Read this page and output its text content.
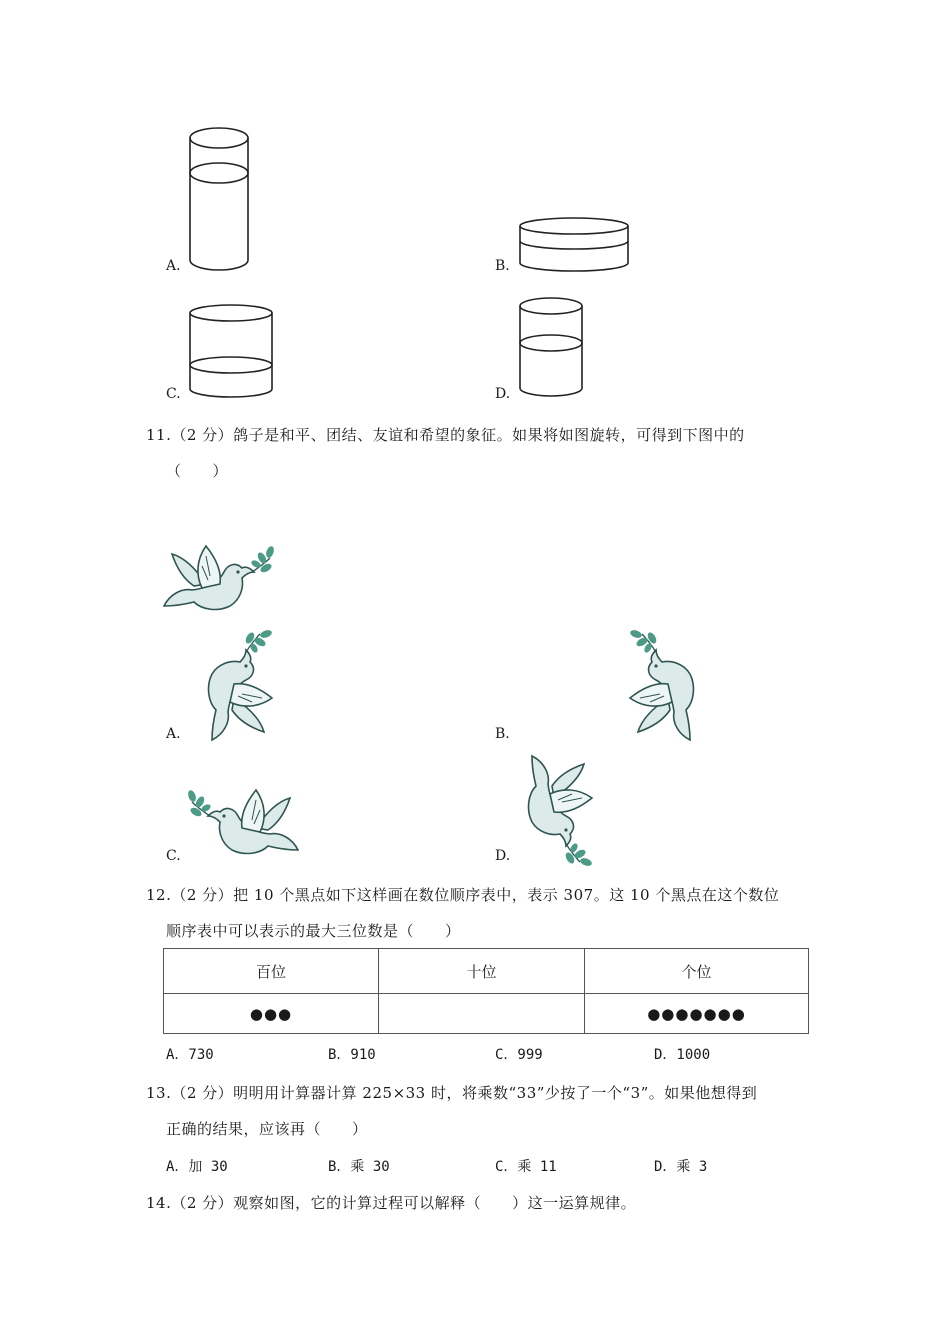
A.	B.
C.	D.
11.（2 分）鸽子是和平、团结、友谊和希望的象征。如果将如图旋转，可得到下图中的
（　　）
A.	B.
C.	D.
12.（2 分）把 10 个黑点如下这样画在数位顺序表中，表示 307。这 10 个黑点在这个数位
顺序表中可以表示的最大三位数是（　　）
百位	十位	个位
●●●		●●●●●●●
A．730	B．910	C．999	D．1000
13.（2 分）明明用计算器计算 225×33 时，将乘数“33”少按了一个“3”。如果他想得到
正确的结果，应该再（　　）
A．加 30	B．乘 30	C．乘 11	D．乘 3
14.（2 分）观察如图，它的计算过程可以解释（　　）这一运算规律。
